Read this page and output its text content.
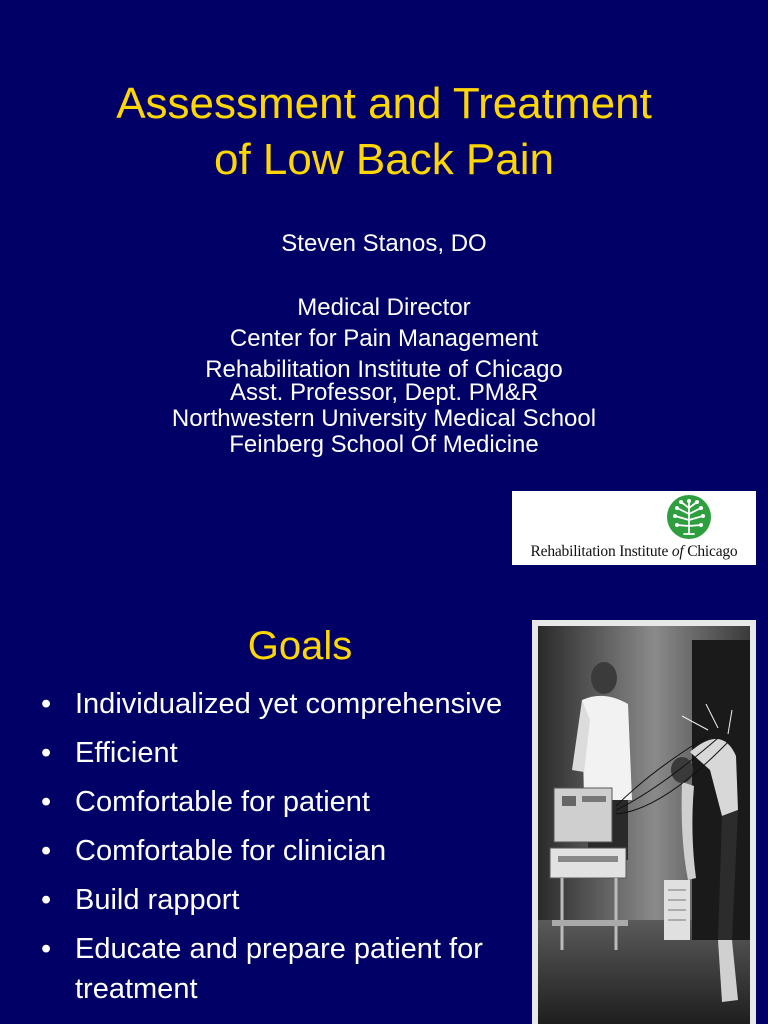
Assessment and Treatment
of Low Back Pain
Steven Stanos, DO
Medical Director
Center for Pain Management
Rehabilitation Institute of Chicago
Asst. Professor, Dept. PM&R
Northwestern University Medical School
Feinberg School Of Medicine
Rehabilitation Institute of Chicago
Goals
• Individualized yet comprehensive
• Efficient
• Comfortable for patient
• Comfortable for clinician
• Build rapport
• Educate and prepare patient for treatment
